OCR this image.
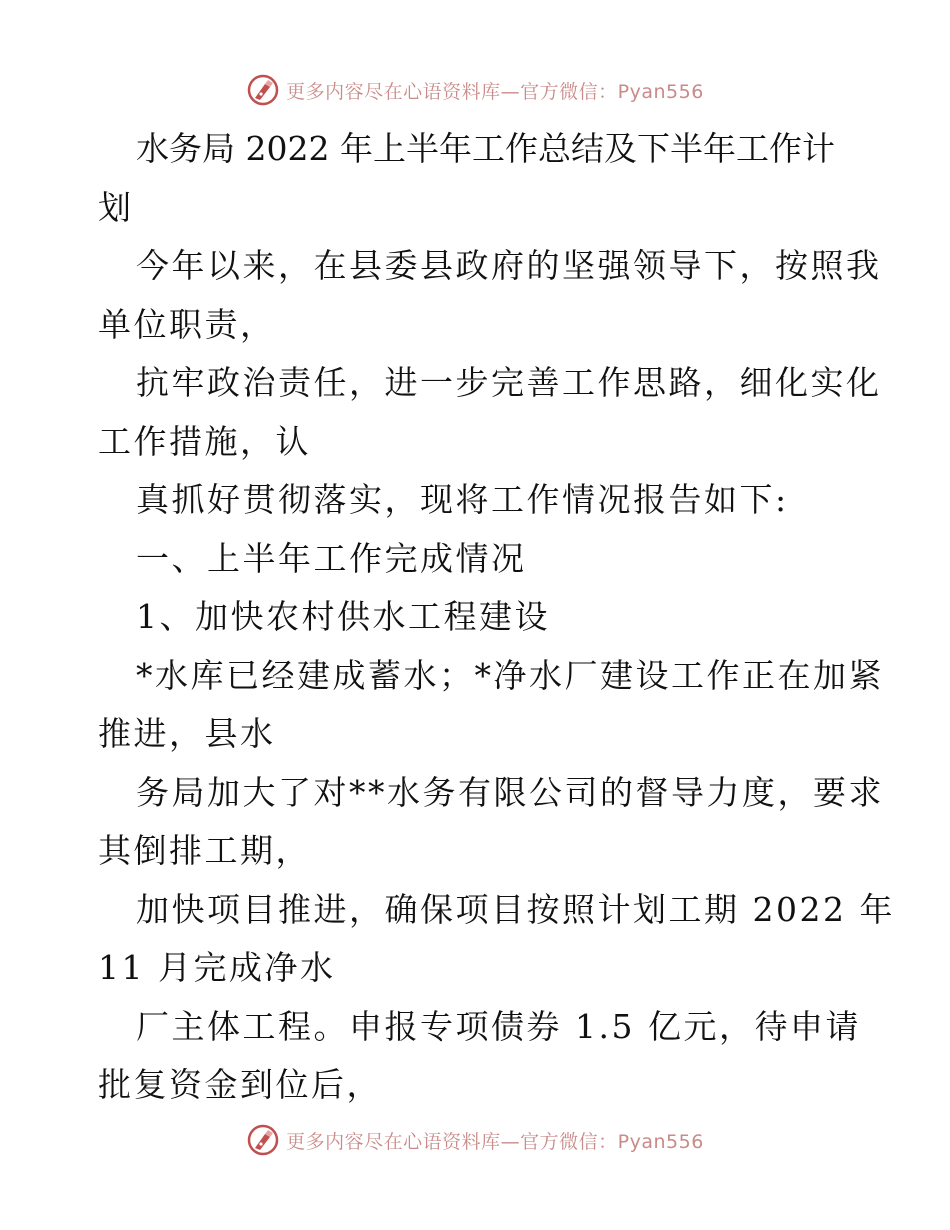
更多内容尽在心语资料库—官方微信：Pyan556
水务局 2022 年上半年工作总结及下半年工作计
划
今年以来，在县委县政府的坚强领导下，按照我
单位职责，
抗牢政治责任，进一步完善工作思路，细化实化
工作措施，认
真抓好贯彻落实，现将工作情况报告如下:
一、上半年工作完成情况
1、加快农村供水工程建设
*水库已经建成蓄水；*净水厂建设工作正在加紧
推进，县水
务局加大了对**水务有限公司的督导力度，要求
其倒排工期，
加快项目推进，确保项目按照计划工期 2022 年
11 月完成净水
厂主体工程。申报专项债券 1.5 亿元，待申请
批复资金到位后，
更多内容尽在心语资料库—官方微信：Pyan556
